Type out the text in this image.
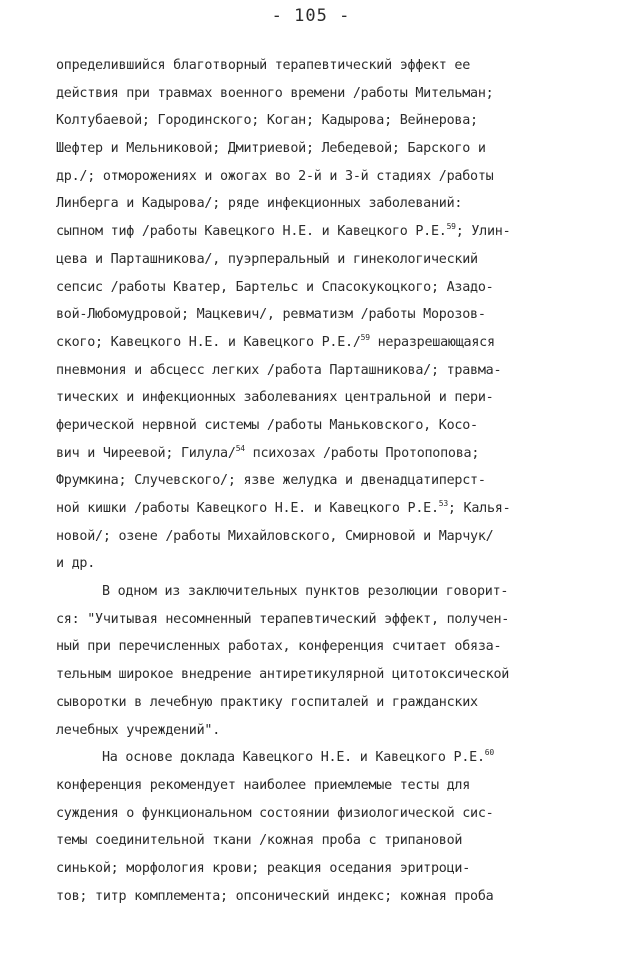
- 105 -
определившийся благотворный терапевтический эффект ее
действия при травмах военного времени /работы Мительман;
Колтубаевой; Городинского; Коган; Кадырова; Вейнерова;
Шефтер и Мельниковой; Дмитриевой; Лебедевой; Барского и
др./; отморожениях и ожогах во 2-й и 3-й стадиях /работы
Линберга и Кадырова/; ряде инфекционных заболеваний:
сыпном тиф /работы Кавецкого Н.Е. и Кавецкого Р.Е.$^{59}$; Улин-
цева и Парташникова/, пуэрперальный и гинекологический
сепсис /работы Кватер, Бартельс и Спасокукоцкого; Азадо-
вой-Любомудровой; Мацкевич/, ревматизм /работы Морозов-
ского; Кавецкого Н.Е. и Кавецкого Р.Е./$^{59}$ неразрешающаяся
пневмония и абсцесс легких /работа Парташникова/; травма-
тических и инфекционных заболеваниях центральной и пери-
ферической нервной системы /работы Маньковского, Косо-
вич и Чиреевой; Гилула/$^{54}$ психозах /работы Протопопова;
Фрумкина; Случевского/; язве желудка и двенадцатиперст-
ной кишки /работы Кавецкого Н.Е. и Кавецкого Р.Е.$^{53}$; Калья-
новой/; озене /работы Михайловского, Смирновой и Марчук/
и др.
В одном из заключительных пунктов резолюции говорит-
ся: "Учитывая несомненный терапевтический эффект, получен-
ный при перечисленных работах, конференция считает обяза-
тельным широкое внедрение антиретикулярной цитотоксической
сыворотки в лечебную практику госпиталей и гражданских
лечебных учреждений".
На основе доклада Кавецкого Н.Е. и Кавецкого Р.Е.$^{60}$
конференция рекомендует наиболее приемлемые тесты для
суждения о функциональном состоянии физиологической сис-
темы соединительной ткани /кожная проба с трипановой
синькой; морфология крови; реакция оседания эритроци-
тов; титр комплемента; опсонический индекс; кожная проба
